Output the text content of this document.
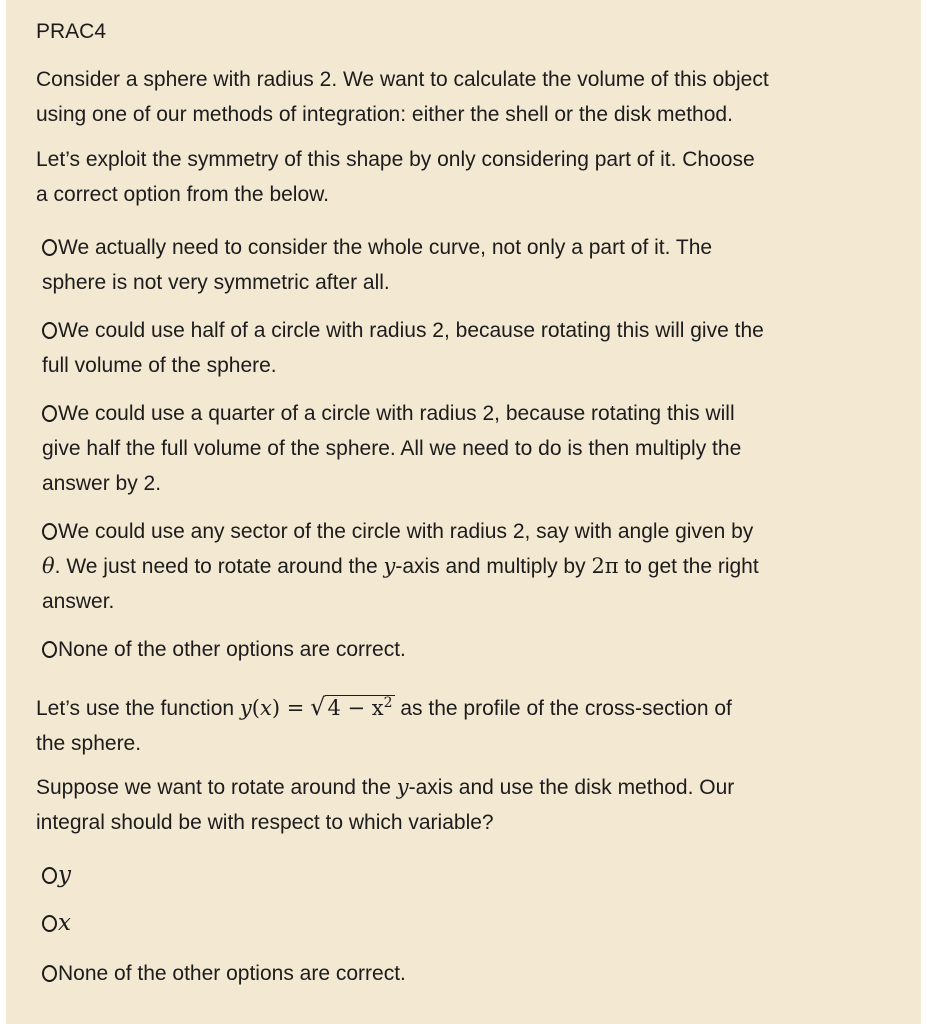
PRAC4
Consider a sphere with radius 2. We want to calculate the volume of this object
using one of our methods of integration: either the shell or the disk method.
Let’s exploit the symmetry of this shape by only considering part of it. Choose
a correct option from the below.
We actually need to consider the whole curve, not only a part of it. The
sphere is not very symmetric after all.
We could use half of a circle with radius 2, because rotating this will give the
full volume of the sphere.
We could use a quarter of a circle with radius 2, because rotating this will
give half the full volume of the sphere. All we need to do is then multiply the
answer by 2.
We could use any sector of the circle with radius 2, say with angle given by
θ. We just need to rotate around the y-axis and multiply by 2π to get the right
answer.
None of the other options are correct.
Let’s use the function $y(x) = √4 - x^2$ as the profile of the cross-section of
the sphere.
Suppose we want to rotate around the y-axis and use the disk method. Our
integral should be with respect to which variable?
y
x
None of the other options are correct.
